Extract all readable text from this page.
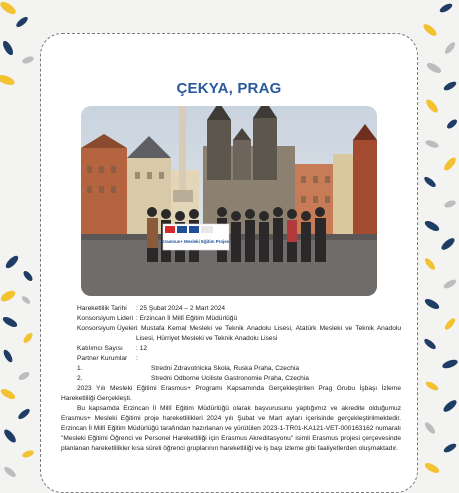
ÇEKYA, PRAG
Erasmus+ Mesleki Eğitim Projesi
Hareketlilik Tarihi	: 25 Şubat 2024 – 2 Mart 2024
Konsorsiyum Lideri : Erzincan İl Millî Eğitim Müdürlüğü
Konsorsiyum Üyeleri
: Mustafa Kemal Mesleki ve Teknik Anadolu Lisesi, Atatürk Mesleki ve Teknik Anadolu Lisesi, Hürriyet Mesleki ve Teknik Anadolu Lisesi
Katılımcı Sayısı	: 12
Partner Kurumlar	:
1.	Stredni Zdravotnicka Skola, Ruska Praha, Czechia
2.	Stredni Odborne Uciliste Gastronomie Praha, Czechia
2023 Yılı Mesleki Eğitimi Erasmus+ Programı Kapsamında Gerçekleştirilen Prag Grubu İşbaşı İzleme Hareketliliği Gerçekleşti.
Bu kapsamda Erzincan İl Millî Eğitim Müdürlüğü olarak başvurusunu yaptığımız ve akredite olduğumuz Erasmus+ Mesleki Eğitimi proje hareketlilikleri 2024 yılı Şubat ve Mart ayları içerisinde gerçekleştirilmektedir. Erzincan İl Millî Eğitim Müdürlüğü tarafından hazırlanan ve yürütülen 2023-1-TR01-KA121-VET-000163162 numaralı "Mesleki Eğitimi Öğrenci ve Personel Hareketliliği için Erasmus Akreditasyonu" isimli Erasmus projesi çerçevesinde planlanan hareketlilikler kısa süreli öğrenci gruplarının hareketliliği ve iş başı izleme gibi faaliyetlerden oluşmaktadır.
